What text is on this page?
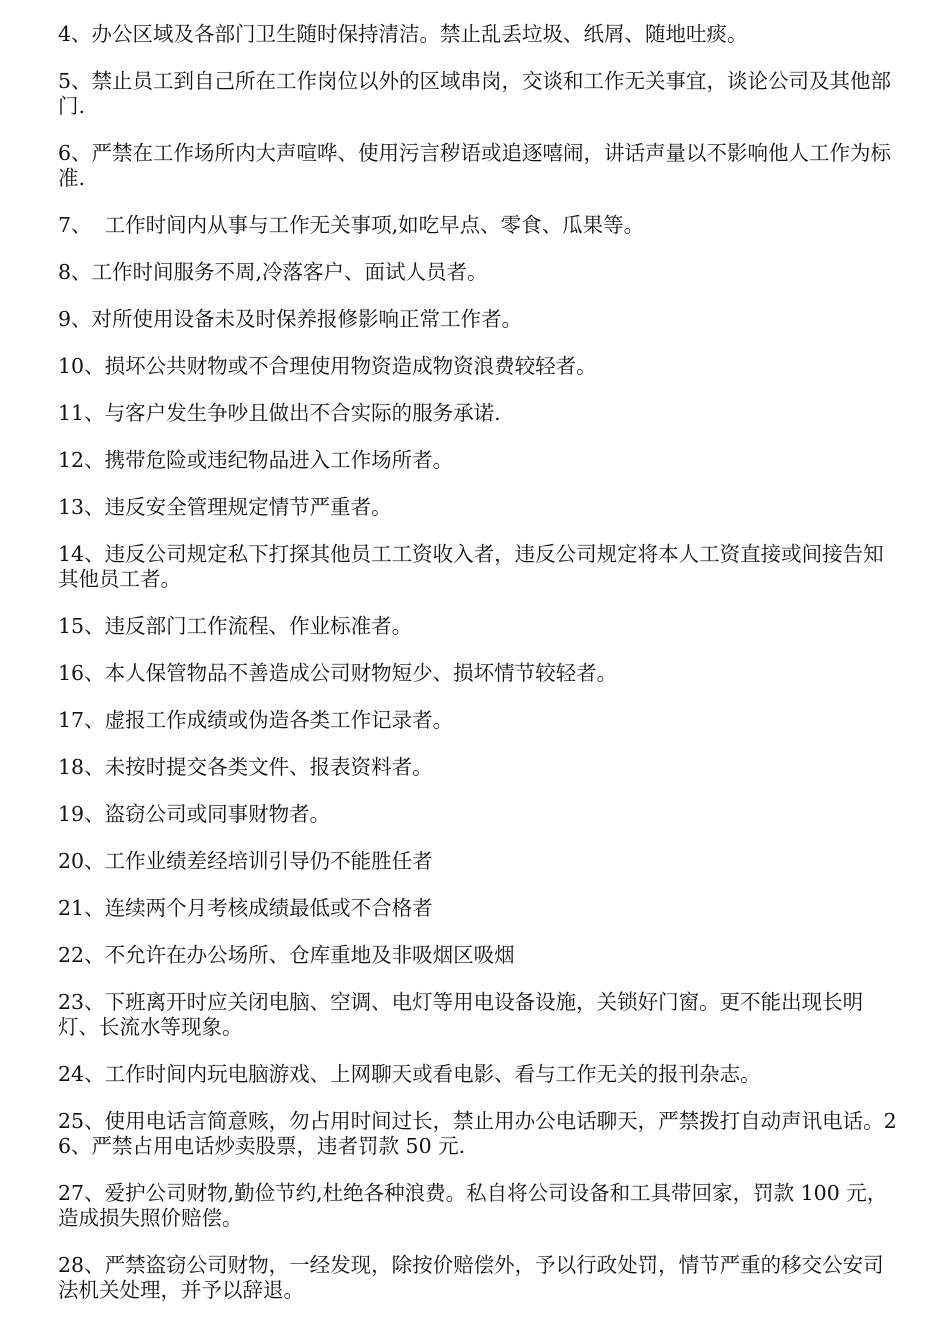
4、办公区域及各部门卫生随时保持清洁。禁止乱丢垃圾、纸屑、随地吐痰。

5、禁止员工到自己所在工作岗位以外的区域串岗，交谈和工作无关事宜，谈论公司及其他部门.

6、严禁在工作场所内大声喧哗、使用污言秽语或追逐嘻闹，讲话声量以不影响他人工作为标准.

7、  工作时间内从事与工作无关事项,如吃早点、零食、瓜果等。

8、工作时间服务不周,冷落客户、面试人员者。

9、对所使用设备未及时保养报修影响正常工作者。

10、损坏公共财物或不合理使用物资造成物资浪费较轻者。

11、与客户发生争吵且做出不合实际的服务承诺.

12、携带危险或违纪物品进入工作场所者。

13、违反安全管理规定情节严重者。

14、违反公司规定私下打探其他员工工资收入者，违反公司规定将本人工资直接或间接告知其他员工者。

15、违反部门工作流程、作业标准者。

16、本人保管物品不善造成公司财物短少、损坏情节较轻者。

17、虚报工作成绩或伪造各类工作记录者。

18、未按时提交各类文件、报表资料者。

19、盗窃公司或同事财物者。

20、工作业绩差经培训引导仍不能胜任者

21、连续两个月考核成绩最低或不合格者

22、不允许在办公场所、仓库重地及非吸烟区吸烟

23、下班离开时应关闭电脑、空调、电灯等用电设备设施，关锁好门窗。更不能出现长明灯、长流水等现象。

24、工作时间内玩电脑游戏、上网聊天或看电影、看与工作无关的报刊杂志。

25、使用电话言简意赅，勿占用时间过长，禁止用办公电话聊天，严禁拨打自动声讯电话。26、严禁占用电话炒卖股票，违者罚款 50 元.

27、爱护公司财物,勤俭节约,杜绝各种浪费。私自将公司设备和工具带回家，罚款 100 元，造成损失照价赔偿。

28、严禁盗窃公司财物，一经发现，除按价赔偿外，予以行政处罚，情节严重的移交公安司法机关处理，并予以辞退。
